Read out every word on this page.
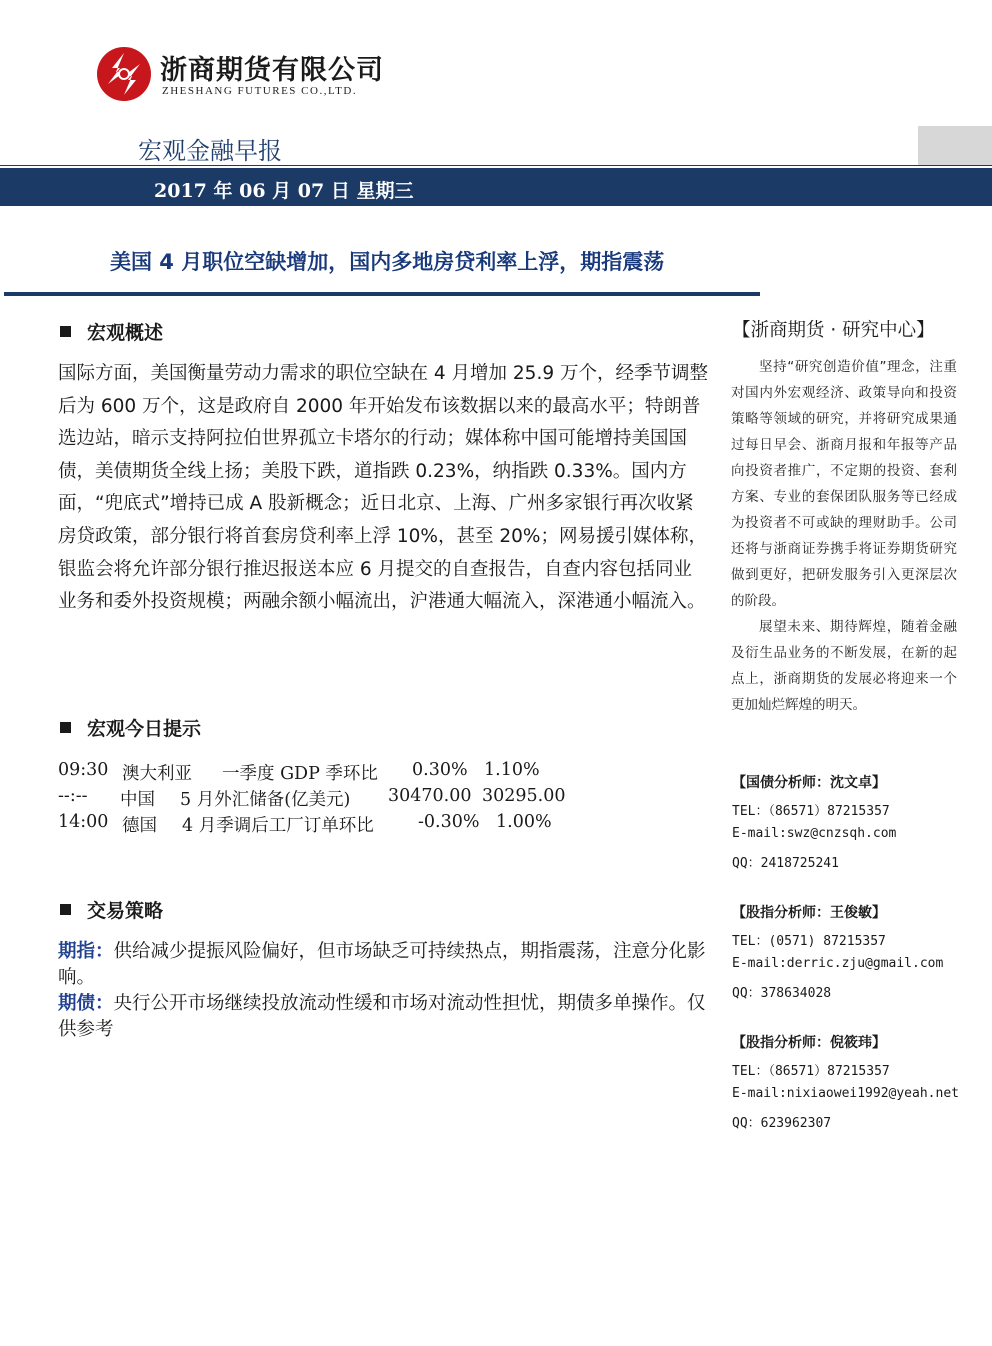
浙商期货有限公司
ZHESHANG FUTURES CO.,LTD.
宏观金融早报
2017 年 06 月 07 日 星期三
美国 4 月职位空缺增加，国内多地房贷利率上浮，期指震荡
宏观概述
国际方面，美国衡量劳动力需求的职位空缺在 4 月增加 25.9 万个，经季节调整后为 600 万个，这是政府自 2000 年开始发布该数据以来的最高水平；特朗普选边站，暗示支持阿拉伯世界孤立卡塔尔的行动；媒体称中国可能增持美国国债，美债期货全线上扬；美股下跌，道指跌 0.23%，纳指跌 0.33%。国内方面，“兜底式”增持已成 A 股新概念；近日北京、上海、广州多家银行再次收紧房贷政策，部分银行将首套房贷利率上浮 10%，甚至 20%；网易援引媒体称，银监会将允许部分银行推迟报送本应 6 月提交的自查报告，自查内容包括同业业务和委外投资规模；两融余额小幅流出，沪港通大幅流入，深港通小幅流入。
宏观今日提示
09:30 澳大利亚 一季度 GDP 季环比 0.30% 1.10%
--:-- 中国 5 月外汇储备(亿美元) 30470.00 30295.00
14:00 德国 4 月季调后工厂订单环比	-0.30% 1.00%
交易策略
期指：供给减少提振风险偏好，但市场缺乏可持续热点，期指震荡，注意分化影响。
期债：央行公开市场继续投放流动性缓和市场对流动性担忧，期债多单操作。仅供参考
【浙商期货 · 研究中心】
坚持“研究创造价值”理念，注重对国内外宏观经济、政策导向和投资策略等领域的研究，并将研究成果通过每日早会、浙商月报和年报等产品向投资者推广，不定期的投资、套利方案、专业的套保团队服务等已经成为投资者不可或缺的理财助手。公司还将与浙商证券携手将证券期货研究做到更好，把研发服务引入更深层次的阶段。
展望未来、期待辉煌，随着金融及衍生品业务的不断发展，在新的起点上，浙商期货的发展必将迎来一个更加灿烂辉煌的明天。
【国债分析师：沈文卓】
TEL：（86571）87215357
E-mail:swz@cnzsqh.com
QQ：2418725241
【股指分析师：王俊敏】
TEL：(0571) 87215357
E-mail:derric.zju@gmail.com
QQ：378634028
【股指分析师：倪筱玮】
TEL：（86571）87215357
E-mail:nixiaowei1992@yeah.net
QQ：623962307
